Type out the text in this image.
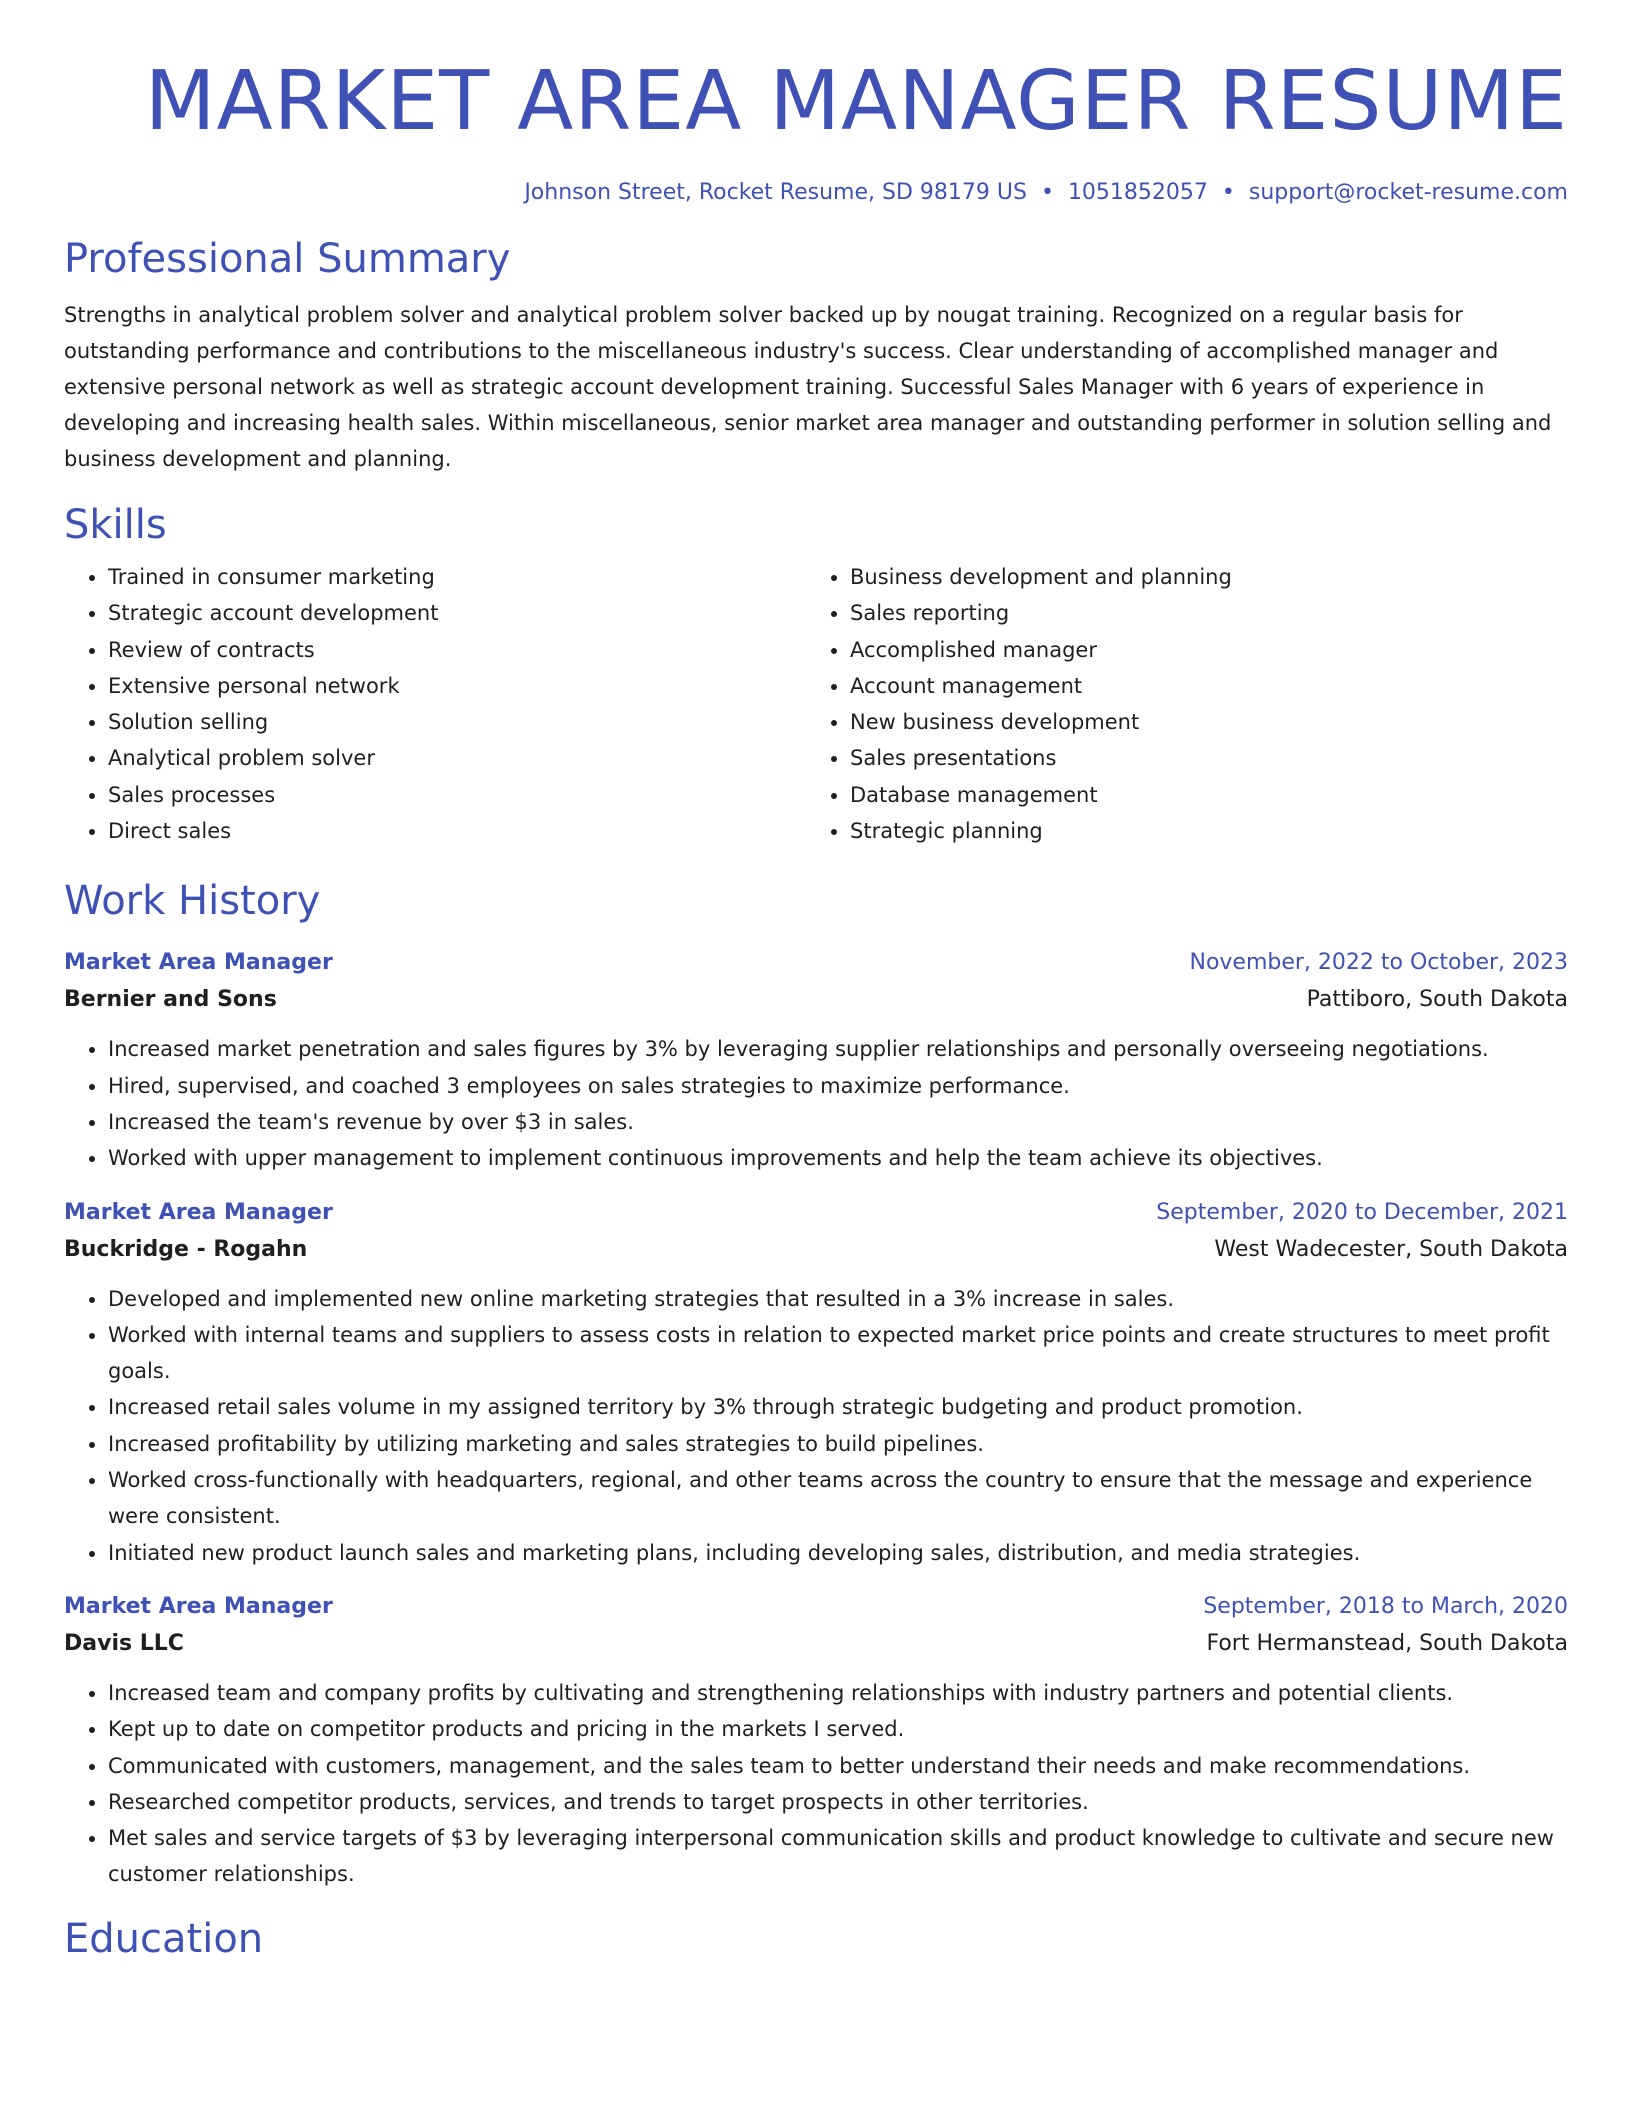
MARKET AREA MANAGER RESUME
Johnson Street, Rocket Resume, SD 98179 US • 1051852057 • support@rocket-resume.com
Professional Summary

Strengths in analytical problem solver and analytical problem solver backed up by nougat training. Recognized on a regular basis for outstanding performance and contributions to the miscellaneous industry's success. Clear understanding of accomplished manager and extensive personal network as well as strategic account development training. Successful Sales Manager with 6 years of experience in developing and increasing health sales. Within miscellaneous, senior market area manager and outstanding performer in solution selling and business development and planning.

Skills
• Trained in consumer marketing
• Strategic account development
• Review of contracts
• Extensive personal network
• Solution selling
• Analytical problem solver
• Sales processes
• Direct sales
• Business development and planning
• Sales reporting
• Accomplished manager
• Account management
• New business development
• Sales presentations
• Database management
• Strategic planning
Work History
Market Area Manager	November, 2022 to October, 2023
Bernier and Sons	Pattiboro, South Dakota
• Increased market penetration and sales figures by 3% by leveraging supplier relationships and personally overseeing negotiations.
• Hired, supervised, and coached 3 employees on sales strategies to maximize performance.
• Increased the team's revenue by over $3 in sales.
• Worked with upper management to implement continuous improvements and help the team achieve its objectives.
Market Area Manager	September, 2020 to December, 2021
Buckridge - Rogahn	West Wadecester, South Dakota
• Developed and implemented new online marketing strategies that resulted in a 3% increase in sales.
• Worked with internal teams and suppliers to assess costs in relation to expected market price points and create structures to meet profit goals.
• Increased retail sales volume in my assigned territory by 3% through strategic budgeting and product promotion.
• Increased profitability by utilizing marketing and sales strategies to build pipelines.
• Worked cross-functionally with headquarters, regional, and other teams across the country to ensure that the message and experience were consistent.
• Initiated new product launch sales and marketing plans, including developing sales, distribution, and media strategies.
Market Area Manager	September, 2018 to March, 2020
Davis LLC	Fort Hermanstead, South Dakota
• Increased team and company profits by cultivating and strengthening relationships with industry partners and potential clients.
• Kept up to date on competitor products and pricing in the markets I served.
• Communicated with customers, management, and the sales team to better understand their needs and make recommendations.
• Researched competitor products, services, and trends to target prospects in other territories.
• Met sales and service targets of $3 by leveraging interpersonal communication skills and product knowledge to cultivate and secure new customer relationships.
Education
